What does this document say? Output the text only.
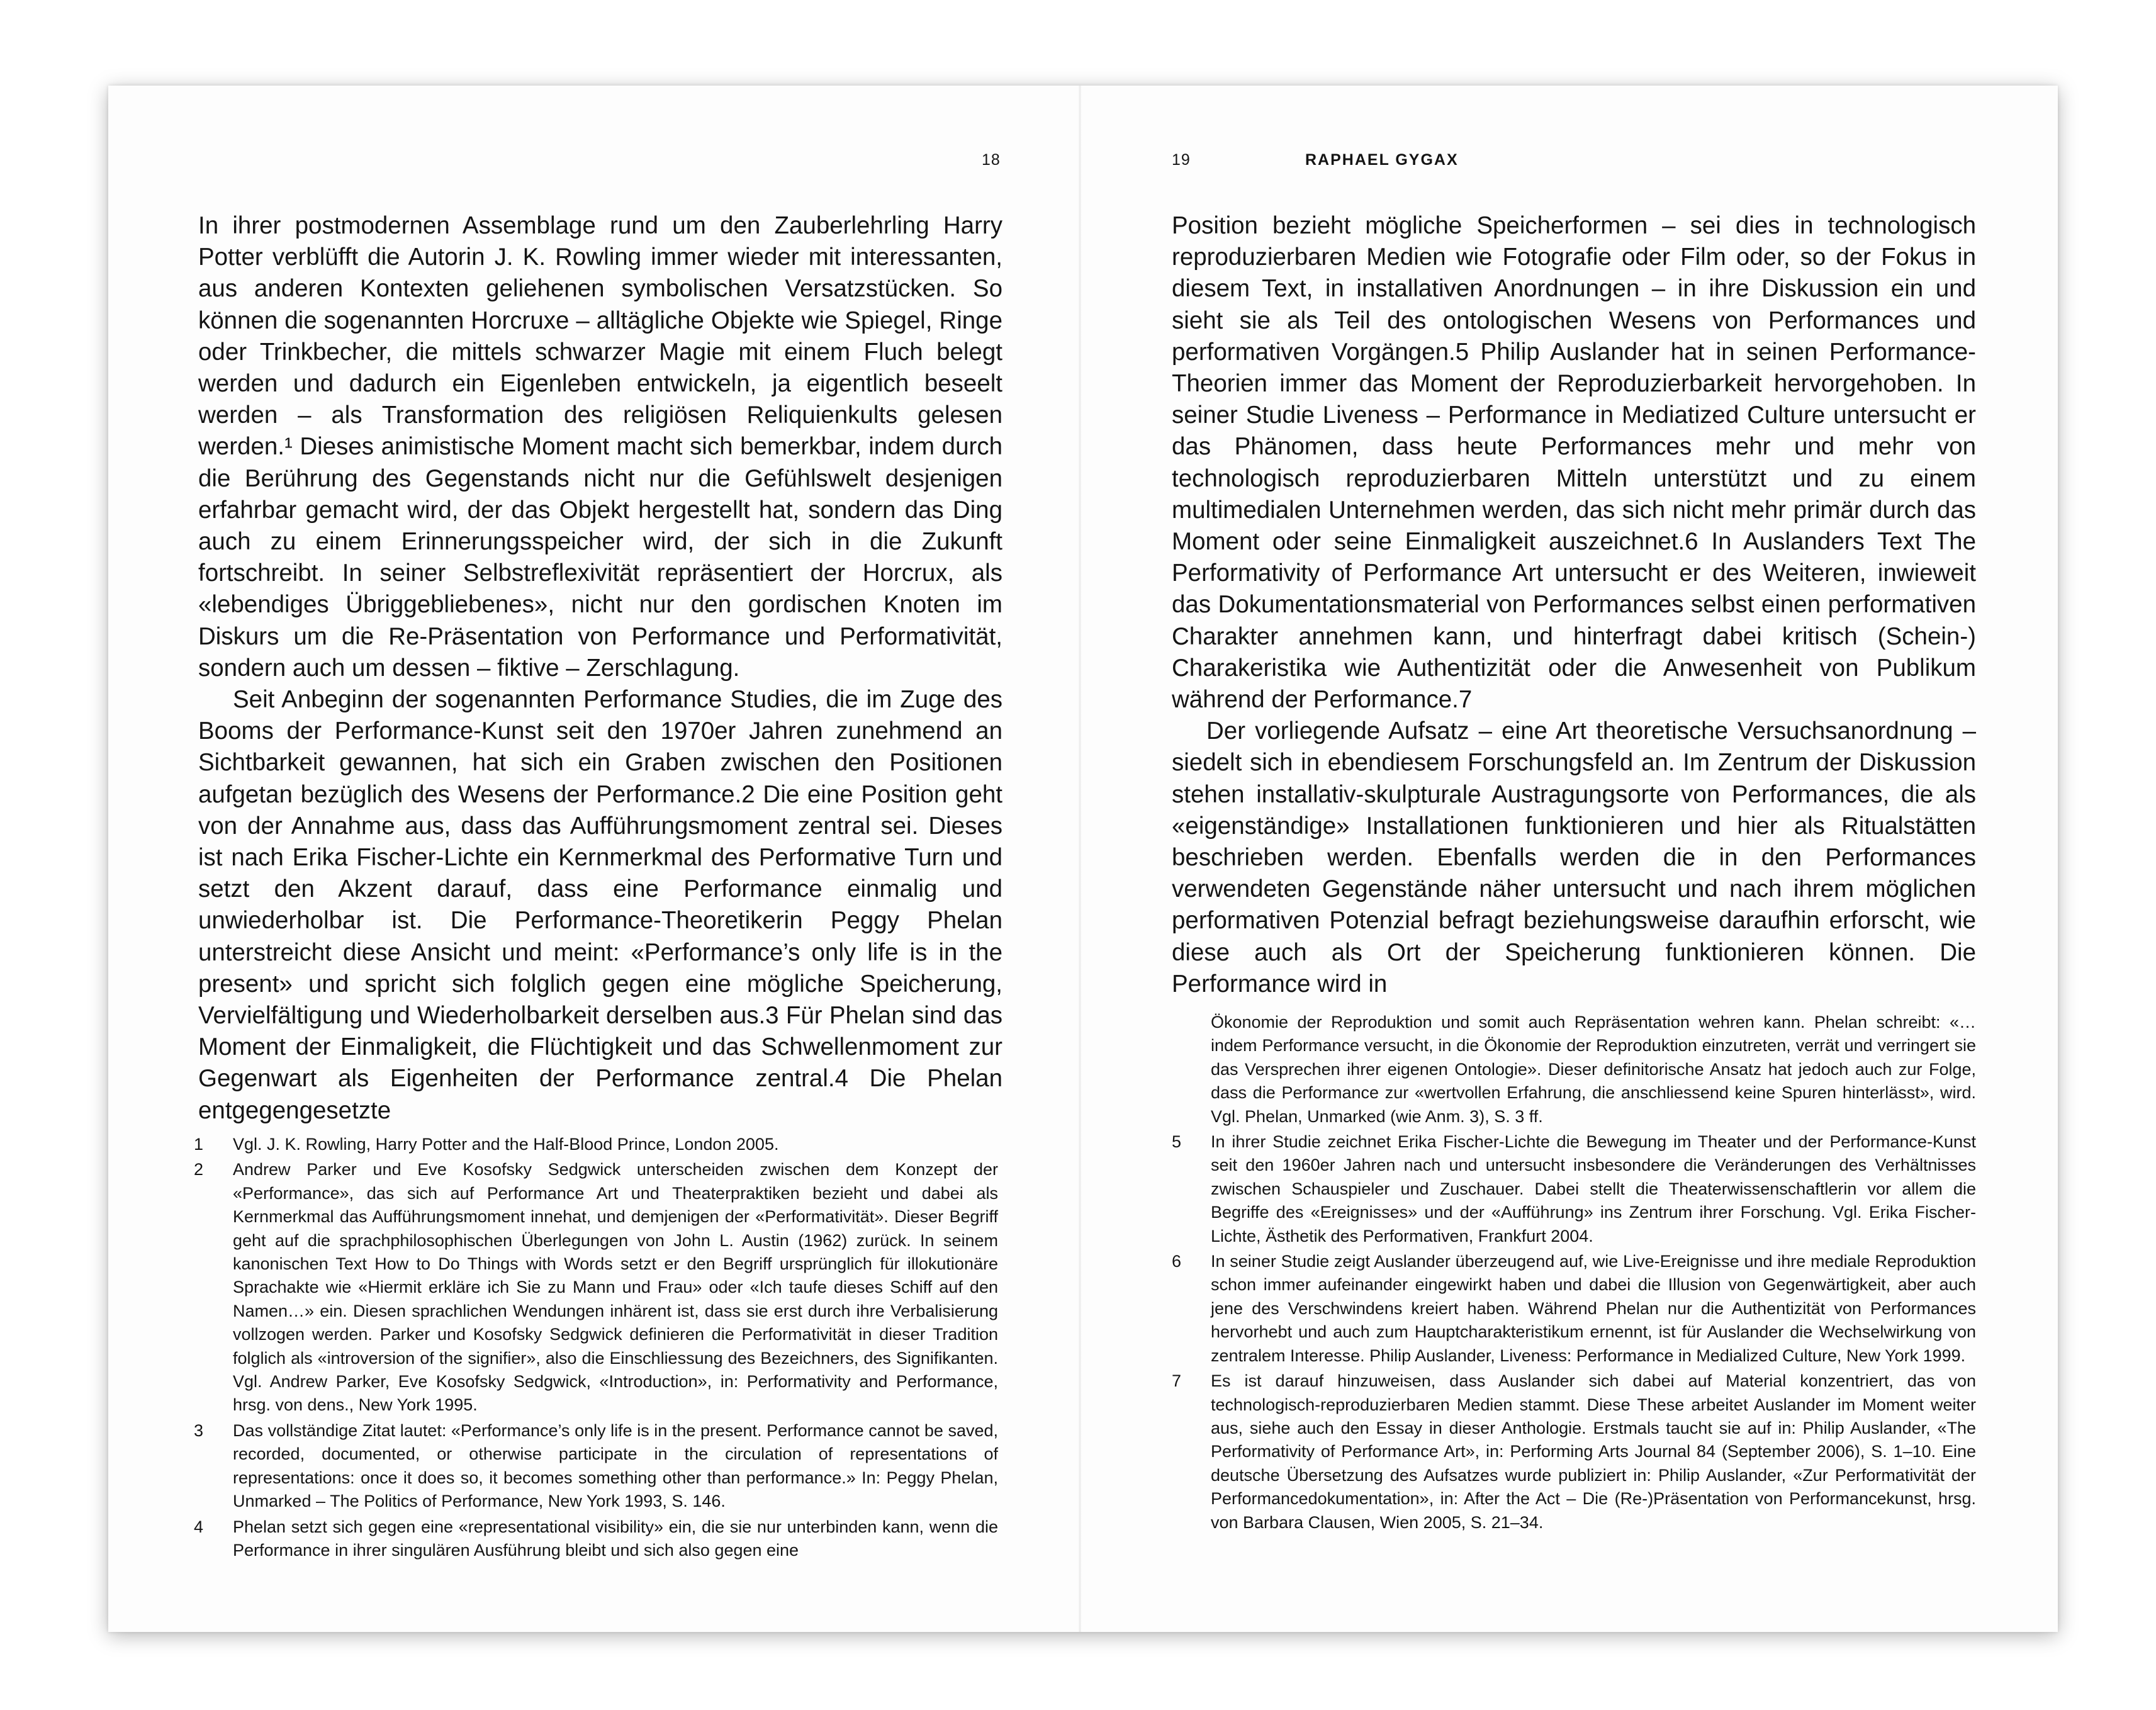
18

In ihrer postmodernen Assemblage rund um den Zauberlehrling Harry Potter verblüfft die Autorin J. K. Rowling immer wieder mit interessanten, aus anderen Kontexten geliehenen symbolischen Versatzstücken. So können die sogenannten Horcruxe – alltägliche Objekte wie Spiegel, Ringe oder Trinkbecher, die mittels schwarzer Magie mit einem Fluch belegt werden und dadurch ein Eigenleben entwickeln, ja eigentlich beseelt werden – als Transformation des religiösen Reliquienkults gelesen werden.¹ Dieses animistische Moment macht sich bemerkbar, indem durch die Berührung des Gegenstands nicht nur die Gefühlswelt desjenigen erfahrbar gemacht wird, der das Objekt hergestellt hat, sondern das Ding auch zu einem Erinnerungsspeicher wird, der sich in die Zukunft fortschreibt. In seiner Selbstreflexivität repräsentiert der Horcrux, als «lebendiges Übriggebliebenes», nicht nur den gordischen Knoten im Diskurs um die Re-Präsentation von Performance und Performativität, sondern auch um dessen – fiktive – Zerschlagung.

Seit Anbeginn der sogenannten Performance Studies, die im Zuge des Booms der Performance-Kunst seit den 1970er Jahren zunehmend an Sichtbarkeit gewannen, hat sich ein Graben zwischen den Positionen aufgetan bezüglich des Wesens der Performance.2 Die eine Position geht von der Annahme aus, dass das Aufführungsmoment zentral sei. Dieses ist nach Erika Fischer-Lichte ein Kernmerkmal des Performative Turn und setzt den Akzent darauf, dass eine Performance einmalig und unwiederholbar ist. Die Performance-Theoretikerin Peggy Phelan unterstreicht diese Ansicht und meint: «Performance’s only life is in the present» und spricht sich folglich gegen eine mögliche Speicherung, Vervielfältigung und Wiederholbarkeit derselben aus.3 Für Phelan sind das Moment der Einmaligkeit, die Flüchtigkeit und das Schwellenmoment zur Gegenwart als Eigenheiten der Performance zentral.4 Die Phelan entgegengesetzte

1 Vgl. J. K. Rowling, Harry Potter and the Half-Blood Prince, London 2005.
2 Andrew Parker und Eve Kosofsky Sedgwick unterscheiden zwischen dem Konzept der «Performance», das sich auf Performance Art und Theaterpraktiken bezieht und dabei als Kernmerkmal das Aufführungsmoment innehat, und demjenigen der «Performativität». Dieser Begriff geht auf die sprachphilosophischen Überlegungen von John L. Austin (1962) zurück. In seinem kanonischen Text How to Do Things with Words setzt er den Begriff ursprünglich für illokutionäre Sprachakte wie «Hiermit erkläre ich Sie zu Mann und Frau» oder «Ich taufe dieses Schiff auf den Namen…» ein. Diesen sprachlichen Wendungen inhärent ist, dass sie erst durch ihre Verbalisierung vollzogen werden. Parker und Kosofsky Sedgwick definieren die Performativität in dieser Tradition folglich als «introversion of the signifier», also die Einschliessung des Bezeichners, des Signifikanten. Vgl. Andrew Parker, Eve Kosofsky Sedgwick, «Introduction», in: Performativity and Performance, hrsg. von dens., New York 1995.
3 Das vollständige Zitat lautet: «Performance’s only life is in the present. Performance cannot be saved, recorded, documented, or otherwise participate in the circulation of representations of representations: once it does so, it becomes something other than performance.» In: Peggy Phelan, Unmarked – The Politics of Performance, New York 1993, S. 146.
4 Phelan setzt sich gegen eine «representational visibility» ein, die sie nur unterbinden kann, wenn die Performance in ihrer singulären Ausführung bleibt und sich also gegen eine
19	RAPHAEL GYGAX

Position bezieht mögliche Speicherformen – sei dies in technologisch reproduzierbaren Medien wie Fotografie oder Film oder, so der Fokus in diesem Text, in installativen Anordnungen – in ihre Diskussion ein und sieht sie als Teil des ontologischen Wesens von Performances und performativen Vorgängen.5 Philip Auslander hat in seinen Performance-Theorien immer das Moment der Reproduzierbarkeit hervorgehoben. In seiner Studie Liveness – Performance in Mediatized Culture untersucht er das Phänomen, dass heute Performances mehr und mehr von technologisch reproduzierbaren Mitteln unterstützt und zu einem multimedialen Unternehmen werden, das sich nicht mehr primär durch das Moment oder seine Einmaligkeit auszeichnet.6 In Auslanders Text The Performativity of Performance Art untersucht er des Weiteren, inwieweit das Dokumentationsmaterial von Performances selbst einen performativen Charakter annehmen kann, und hinterfragt dabei kritisch (Schein-) Charakeristika wie Authentizität oder die Anwesenheit von Publikum während der Performance.7

Der vorliegende Aufsatz – eine Art theoretische Versuchsanordnung – siedelt sich in ebendiesem Forschungsfeld an. Im Zentrum der Diskussion stehen installativ-skulpturale Austragungsorte von Performances, die als «eigenständige» Installationen funktionieren und hier als Ritualstätten beschrieben werden. Ebenfalls werden die in den Performances verwendeten Gegenstände näher untersucht und nach ihrem möglichen performativen Potenzial befragt beziehungsweise daraufhin erforscht, wie diese auch als Ort der Speicherung funktionieren können. Die Performance wird in

Ökonomie der Reproduktion und somit auch Repräsentation wehren kann. Phelan schreibt: «… indem Performance versucht, in die Ökonomie der Reproduktion einzutreten, verrät und verringert sie das Versprechen ihrer eigenen Ontologie». Dieser definitorische Ansatz hat jedoch auch zur Folge, dass die Performance zur «wertvollen Erfahrung, die anschliessend keine Spuren hinterlässt», wird. Vgl. Phelan, Unmarked (wie Anm. 3), S. 3 ff.
5 In ihrer Studie zeichnet Erika Fischer-Lichte die Bewegung im Theater und der Performance-Kunst seit den 1960er Jahren nach und untersucht insbesondere die Veränderungen des Verhältnisses zwischen Schauspieler und Zuschauer. Dabei stellt die Theaterwissenschaftlerin vor allem die Begriffe des «Ereignisses» und der «Aufführung» ins Zentrum ihrer Forschung. Vgl. Erika Fischer-Lichte, Ästhetik des Performativen, Frankfurt 2004.
6 In seiner Studie zeigt Auslander überzeugend auf, wie Live-Ereignisse und ihre mediale Reproduktion schon immer aufeinander eingewirkt haben und dabei die Illusion von Gegenwärtigkeit, aber auch jene des Verschwindens kreiert haben. Während Phelan nur die Authentizität von Performances hervorhebt und auch zum Hauptcharakteristikum ernennt, ist für Auslander die Wechselwirkung von zentralem Interesse. Philip Auslander, Liveness: Performance in Medialized Culture, New York 1999.
7 Es ist darauf hinzuweisen, dass Auslander sich dabei auf Material konzentriert, das von technologisch-reproduzierbaren Medien stammt. Diese These arbeitet Auslander im Moment weiter aus, siehe auch den Essay in dieser Anthologie. Erstmals taucht sie auf in: Philip Auslander, «The Performativity of Performance Art», in: Performing Arts Journal 84 (September 2006), S. 1–10. Eine deutsche Übersetzung des Aufsatzes wurde publiziert in: Philip Auslander, «Zur Performativität der Performancedokumentation», in: After the Act – Die (Re-)Präsentation von Performancekunst, hrsg. von Barbara Clausen, Wien 2005, S. 21–34.
